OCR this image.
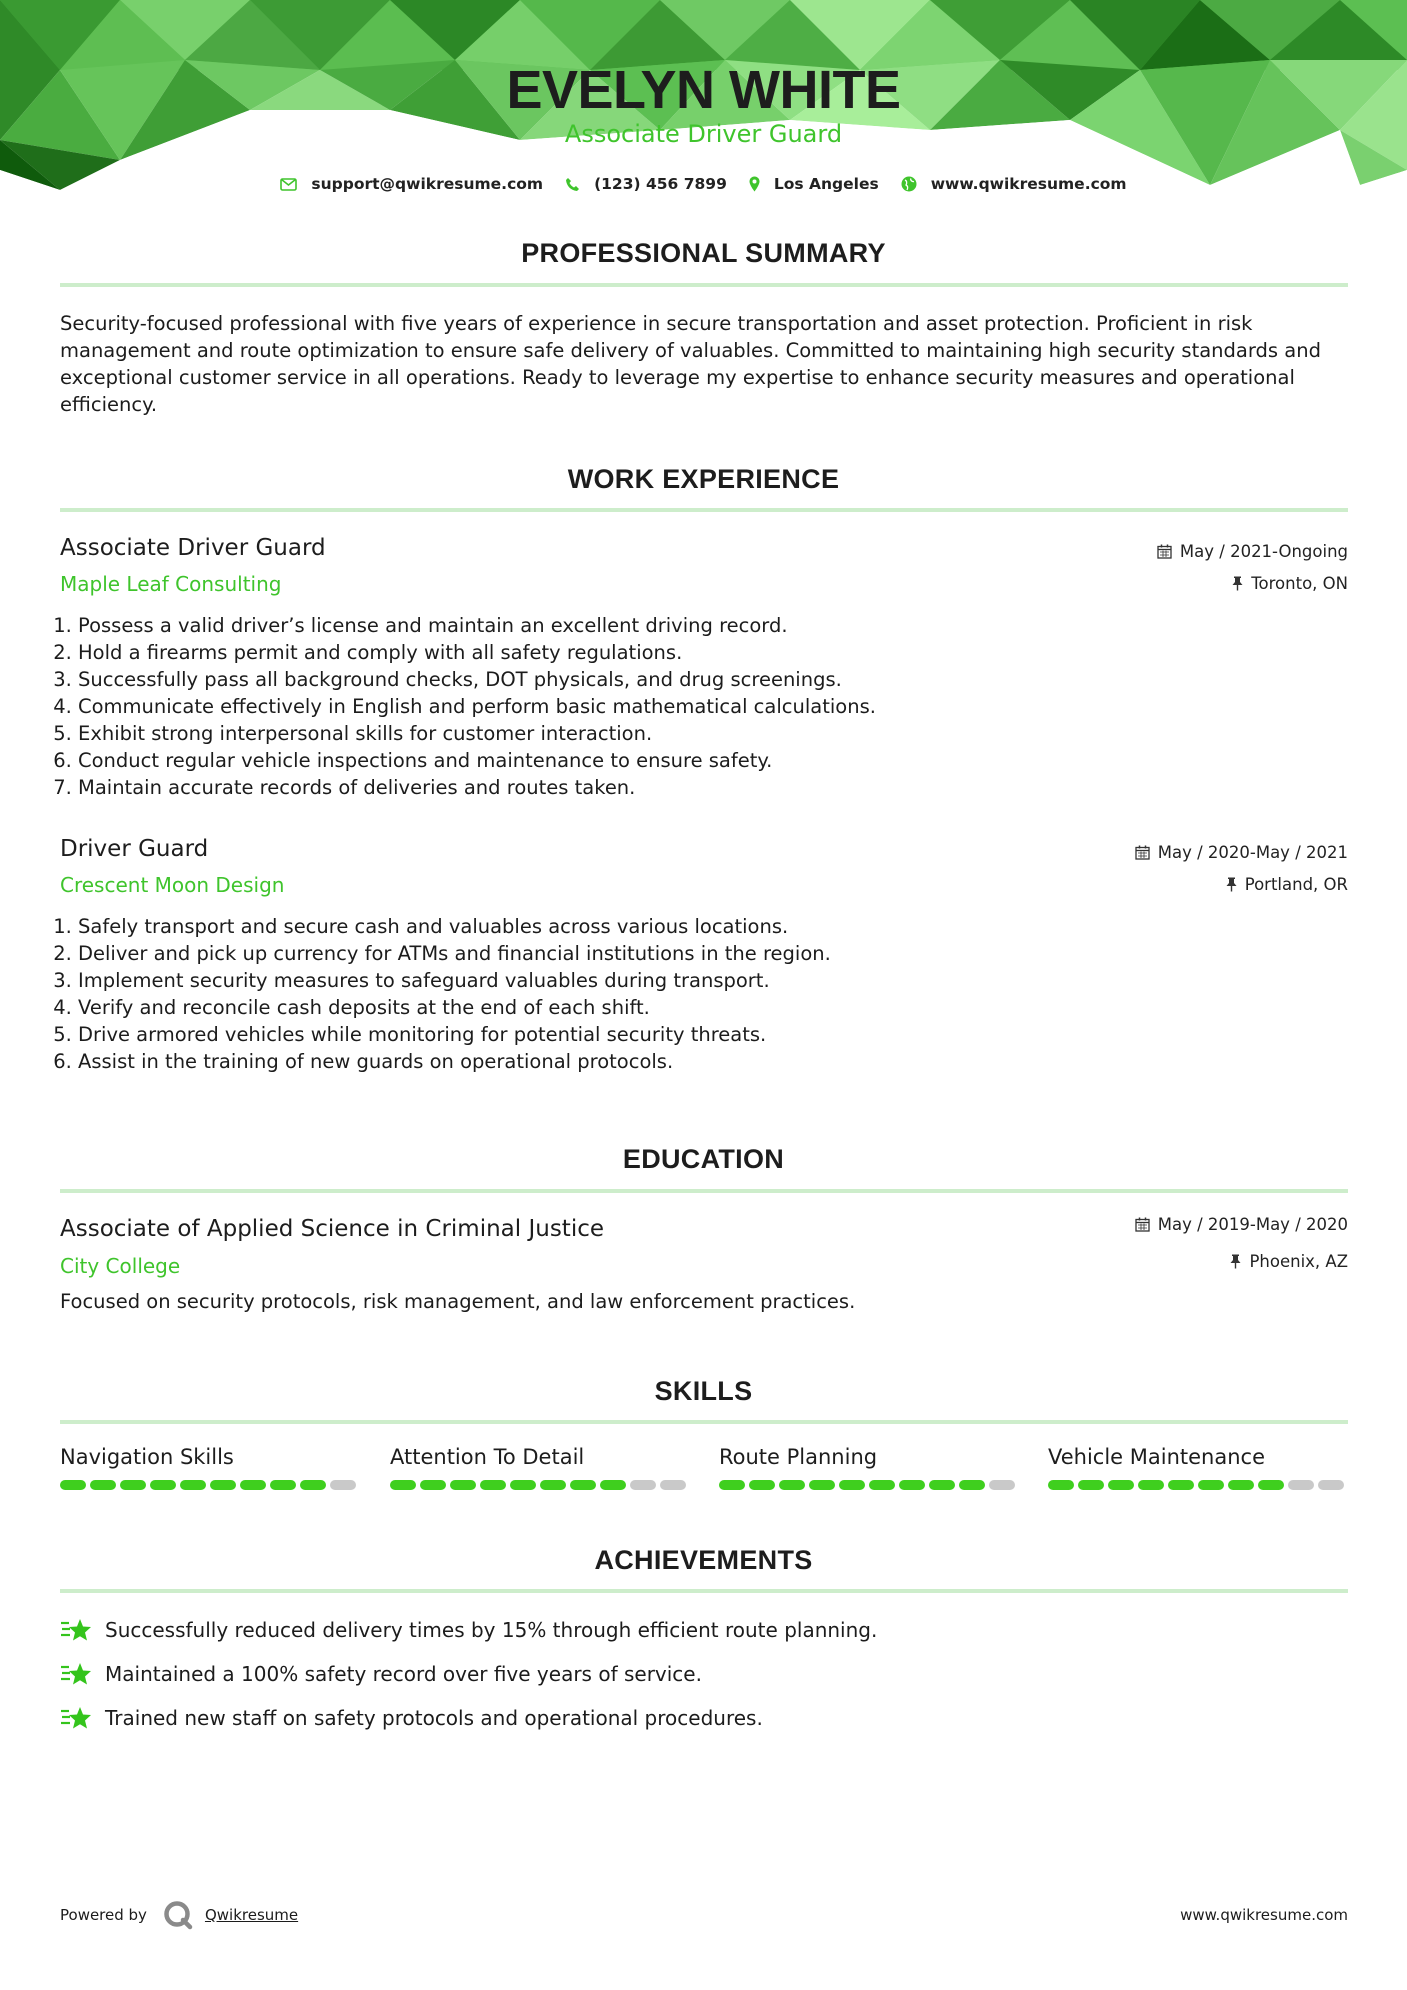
EVELYN WHITE
Associate Driver Guard
support@qwikresume.com	(123) 456 7899	Los Angeles	www.qwikresume.com
PROFESSIONAL SUMMARY
Security-focused professional with five years of experience in secure transportation and asset protection. Proficient in risk management and route optimization to ensure safe delivery of valuables. Committed to maintaining high security standards and exceptional customer service in all operations. Ready to leverage my expertise to enhance security measures and operational efficiency.
WORK EXPERIENCE
Associate Driver Guard
Maple Leaf Consulting
May / 2021-Ongoing
Toronto, ON
1. Possess a valid driver’s license and maintain an excellent driving record.
2. Hold a firearms permit and comply with all safety regulations.
3. Successfully pass all background checks, DOT physicals, and drug screenings.
4. Communicate effectively in English and perform basic mathematical calculations.
5. Exhibit strong interpersonal skills for customer interaction.
6. Conduct regular vehicle inspections and maintenance to ensure safety.
7. Maintain accurate records of deliveries and routes taken.
Driver Guard
Crescent Moon Design
May / 2020-May / 2021
Portland, OR
1. Safely transport and secure cash and valuables across various locations.
2. Deliver and pick up currency for ATMs and financial institutions in the region.
3. Implement security measures to safeguard valuables during transport.
4. Verify and reconcile cash deposits at the end of each shift.
5. Drive armored vehicles while monitoring for potential security threats.
6. Assist in the training of new guards on operational protocols.
EDUCATION
Associate of Applied Science in Criminal Justice
City College
May / 2019-May / 2020
Phoenix, AZ
Focused on security protocols, risk management, and law enforcement practices.
SKILLS
Navigation Skills	Attention To Detail	Route Planning	Vehicle Maintenance
ACHIEVEMENTS
Successfully reduced delivery times by 15% through efficient route planning.
Maintained a 100% safety record over five years of service.
Trained new staff on safety protocols and operational procedures.
Powered by	Qwikresume	www.qwikresume.com
